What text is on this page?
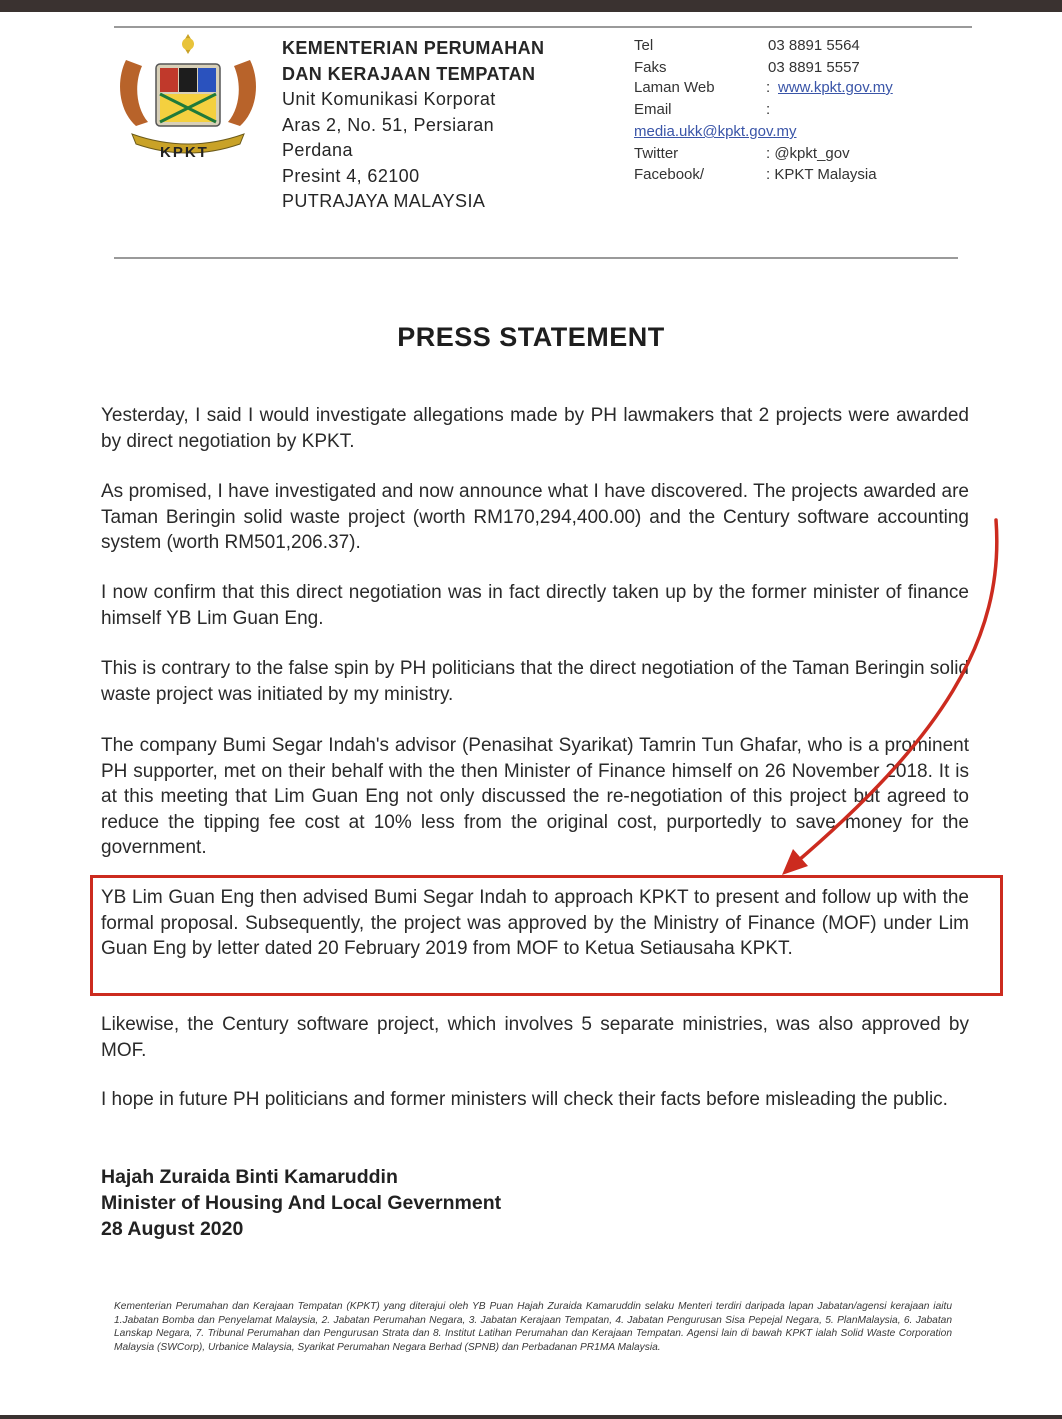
KPKT
KEMENTERIAN PERUMAHAN
DAN KERAJAAN TEMPATAN
Unit Komunikasi Korporat
Aras 2, No. 51, Persiaran
Perdana
Presint 4, 62100
PUTRAJAYA MALAYSIA
Tel	03 8891 5564
Faks	03 8891 5557
Laman Web	: www.kpkt.gov.my
Email	:
media.ukk@kpkt.gov.my
Twitter	: @kpkt_gov
Facebook/	: KPKT Malaysia
PRESS STATEMENT

Yesterday, I said I would investigate allegations made by PH lawmakers that 2 projects were awarded by direct negotiation by KPKT.

As promised, I have investigated and now announce what I have discovered. The projects awarded are Taman Beringin solid waste project (worth RM170,294,400.00) and the Century software accounting system (worth RM501,206.37).

I now confirm that this direct negotiation was in fact directly taken up by the former minister of finance himself YB Lim Guan Eng.

This is contrary to the false spin by PH politicians that the direct negotiation of the Taman Beringin solid waste project was initiated by my ministry.

The company Bumi Segar Indah's advisor (Penasihat Syarikat) Tamrin Tun Ghafar, who is a prominent PH supporter, met on their behalf with the then Minister of Finance himself on 26 November 2018. It is at this meeting that Lim Guan Eng not only discussed the re-negotiation of this project but agreed to reduce the tipping fee cost at 10% less from the original cost, purportedly to save money for the government.

YB Lim Guan Eng then advised Bumi Segar Indah to approach KPKT to present and follow up with the formal proposal. Subsequently, the project was approved by the Ministry of Finance (MOF) under Lim Guan Eng by letter dated 20 February 2019 from MOF to Ketua Setiausaha KPKT.

Likewise, the Century software project, which involves 5 separate ministries, was also approved by MOF.

I hope in future PH politicians and former ministers will check their facts before misleading the public.

Hajah Zuraida Binti Kamaruddin
Minister of Housing And Local Gevernment
28 August 2020

Kementerian Perumahan dan Kerajaan Tempatan (KPKT) yang diterajui oleh YB Puan Hajah Zuraida Kamaruddin selaku Menteri terdiri daripada lapan Jabatan/agensi kerajaan iaitu 1.Jabatan Bomba dan Penyelamat Malaysia, 2. Jabatan Perumahan Negara, 3. Jabatan Kerajaan Tempatan, 4. Jabatan Pengurusan Sisa Pepejal Negara, 5. PlanMalaysia, 6. Jabatan Lanskap Negara, 7. Tribunal Perumahan dan Pengurusan Strata dan 8. Institut Latihan Perumahan dan Kerajaan Tempatan. Agensi lain di bawah KPKT ialah Solid Waste Corporation Malaysia (SWCorp), Urbanice Malaysia, Syarikat Perumahan Negara Berhad (SPNB) dan Perbadanan PR1MA Malaysia.
